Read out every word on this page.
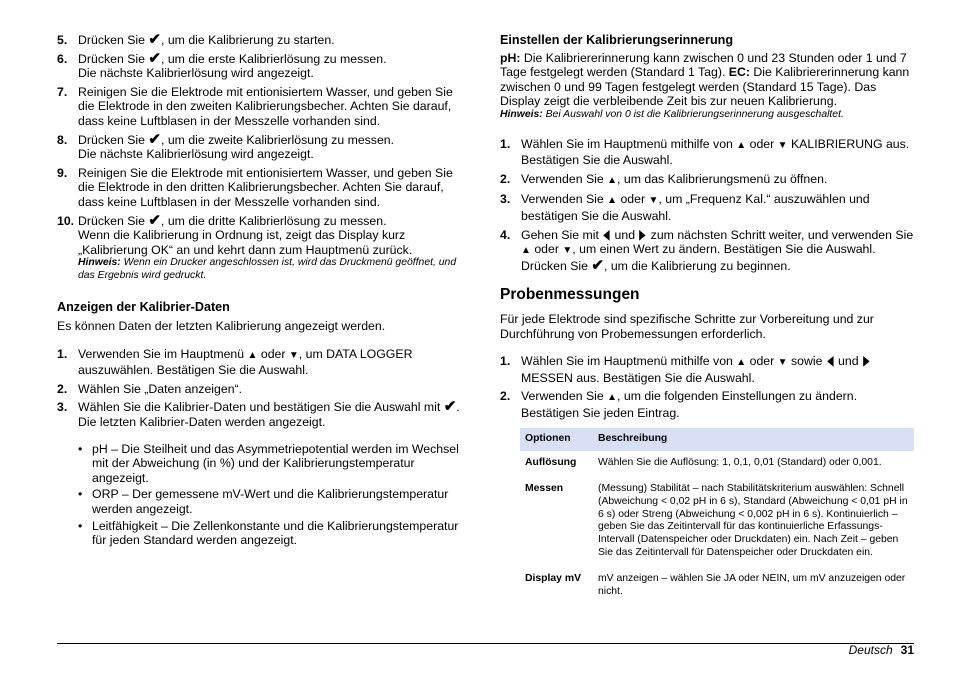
5. Drücken Sie ✔, um die Kalibrierung zu starten.
6. Drücken Sie ✔, um die erste Kalibrierlösung zu messen.
Die nächste Kalibrierlösung wird angezeigt.
7. Reinigen Sie die Elektrode mit entionisiertem Wasser, und geben Sie die Elektrode in den zweiten Kalibrierungsbecher. Achten Sie darauf, dass keine Luftblasen in der Messzelle vorhanden sind.
8. Drücken Sie ✔, um die zweite Kalibrierlösung zu messen.
Die nächste Kalibrierlösung wird angezeigt.
9. Reinigen Sie die Elektrode mit entionisiertem Wasser, und geben Sie die Elektrode in den dritten Kalibrierungsbecher. Achten Sie darauf, dass keine Luftblasen in der Messzelle vorhanden sind.
10. Drücken Sie ✔, um die dritte Kalibrierlösung zu messen.
Wenn die Kalibrierung in Ordnung ist, zeigt das Display kurz „Kalibrierung OK“ an und kehrt dann zum Hauptmenü zurück.
Hinweis: Wenn ein Drucker angeschlossen ist, wird das Druckmenü geöffnet, und das Ergebnis wird gedruckt.
Anzeigen der Kalibrier-Daten

Es können Daten der letzten Kalibrierung angezeigt werden.

1. Verwenden Sie im Hauptmenü ▲ oder ▼, um DATA LOGGER auszuwählen. Bestätigen Sie die Auswahl.
2. Wählen Sie „Daten anzeigen“.
3. Wählen Sie die Kalibrier-Daten und bestätigen Sie die Auswahl mit ✔. Die letzten Kalibrier-Daten werden angezeigt.
• pH – Die Steilheit und das Asymmetriepotential werden im Wechsel mit der Abweichung (in %) und der Kalibrierungstemperatur angezeigt.
• ORP – Der gemessene mV-Wert und die Kalibrierungstemperatur werden angezeigt.
• Leitfähigkeit – Die Zellenkonstante und die Kalibrierungstemperatur für jeden Standard werden angezeigt.
Einstellen der Kalibrierungserinnerung

pH: Die Kalibriererinnerung kann zwischen 0 und 23 Stunden oder 1 und 7 Tage festgelegt werden (Standard 1 Tag). EC: Die Kalibriererinnerung kann zwischen 0 und 99 Tagen festgelegt werden (Standard 15 Tage). Das Display zeigt die verbleibende Zeit bis zur neuen Kalibrierung.

Hinweis: Bei Auswahl von 0 ist die Kalibrierungserinnerung ausgeschaltet.
1. Wählen Sie im Hauptmenü mithilfe von ▲ oder ▼ KALIBRIERUNG aus. Bestätigen Sie die Auswahl.
2. Verwenden Sie ▲, um das Kalibrierungsmenü zu öffnen.
3. Verwenden Sie ▲ oder ▼, um „Frequenz Kal.“ auszuwählen und bestätigen Sie die Auswahl.
4. Gehen Sie mit ◀ und ▶ zum nächsten Schritt weiter, und verwenden Sie ▲ oder ▼, um einen Wert zu ändern. Bestätigen Sie die Auswahl.
Drücken Sie ✔, um die Kalibrierung zu beginnen.
Probenmessungen

Für jede Elektrode sind spezifische Schritte zur Vorbereitung und zur Durchführung von Probemessungen erforderlich.

1. Wählen Sie im Hauptmenü mithilfe von ▲ oder ▼ sowie ◀ und ▶ MESSEN aus. Bestätigen Sie die Auswahl.
2. Verwenden Sie ▲, um die folgenden Einstellungen zu ändern. Bestätigen Sie jeden Eintrag.
Optionen	Beschreibung
Auflösung	Wählen Sie die Auflösung: 1, 0,1, 0,01 (Standard) oder 0,001.
Messen	(Messung) Stabilität – nach Stabilitätskriterium auswählen: Schnell (Abweichung < 0,02 pH in 6 s), Standard (Abweichung < 0,01 pH in 6 s) oder Streng (Abweichung < 0,002 pH in 6 s). Kontinuierlich – geben Sie das Zeitintervall für das kontinuierliche Erfassungs- Intervall (Datenspeicher oder Druckdaten) ein. Nach Zeit – geben Sie das Zeitintervall für Datenspeicher oder Druckdaten ein.
Display mV	mV anzeigen – wählen Sie JA oder NEIN, um mV anzuzeigen oder nicht.
Deutsch 31
